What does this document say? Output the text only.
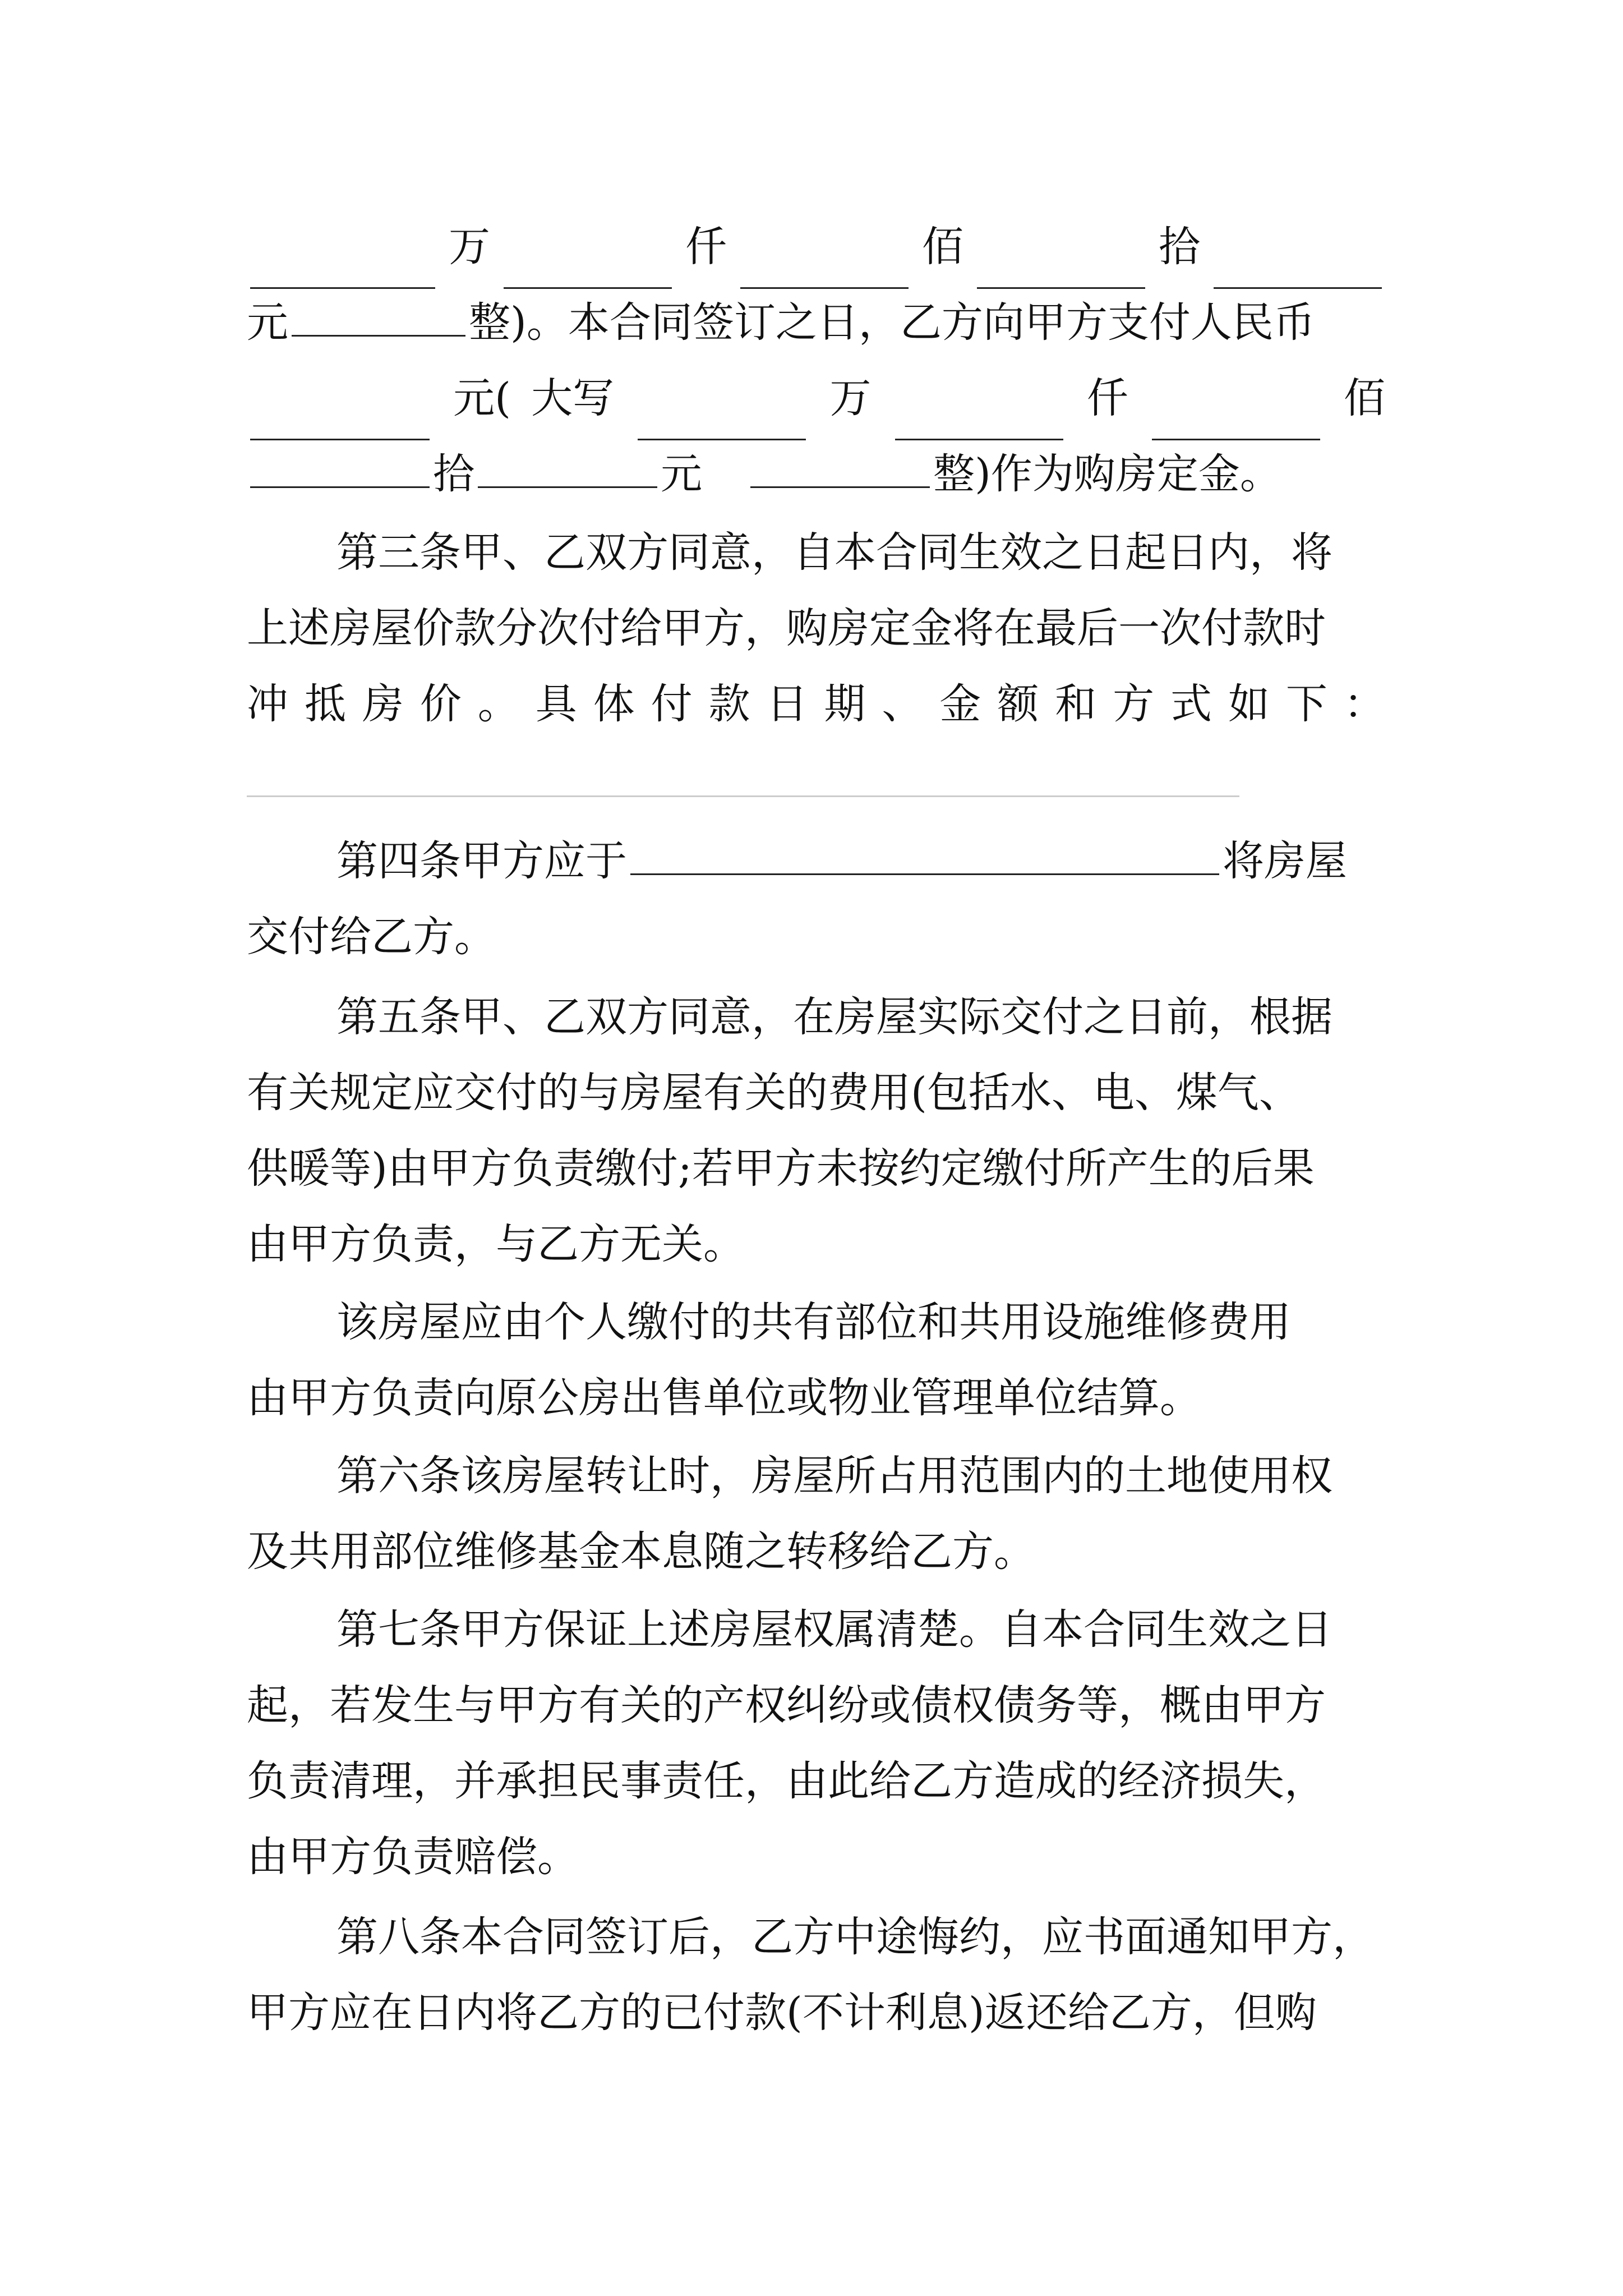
万	仟	佰	拾
元	整)。本合同签订之日，乙方向甲方支付人民币
元( 大写	万	仟	佰
拾	元	整)作为购房定金。
第三条甲、乙双方同意，自本合同生效之日起日内，将
上述房屋价款分次付给甲方，购房定金将在最后一次付款时
冲 抵 房 价 。 具 体 付 款 日 期 、 金 额 和 方 式 如 下 ：
第四条甲方应于	将房屋
交付给乙方。
第五条甲、乙双方同意，在房屋实际交付之日前，根据
有关规定应交付的与房屋有关的费用(包括水、电、煤气、
供暖等)由甲方负责缴付;若甲方未按约定缴付所产生的后果
由甲方负责，与乙方无关。
该房屋应由个人缴付的共有部位和共用设施维修费用
由甲方负责向原公房出售单位或物业管理单位结算。
第六条该房屋转让时，房屋所占用范围内的土地使用权
及共用部位维修基金本息随之转移给乙方。
第七条甲方保证上述房屋权属清楚。自本合同生效之日
起，若发生与甲方有关的产权纠纷或债权债务等，概由甲方
负责清理，并承担民事责任，由此给乙方造成的经济损失，
由甲方负责赔偿。
第八条本合同签订后，乙方中途悔约，应书面通知甲方，
甲方应在日内将乙方的已付款(不计利息)返还给乙方，但购
